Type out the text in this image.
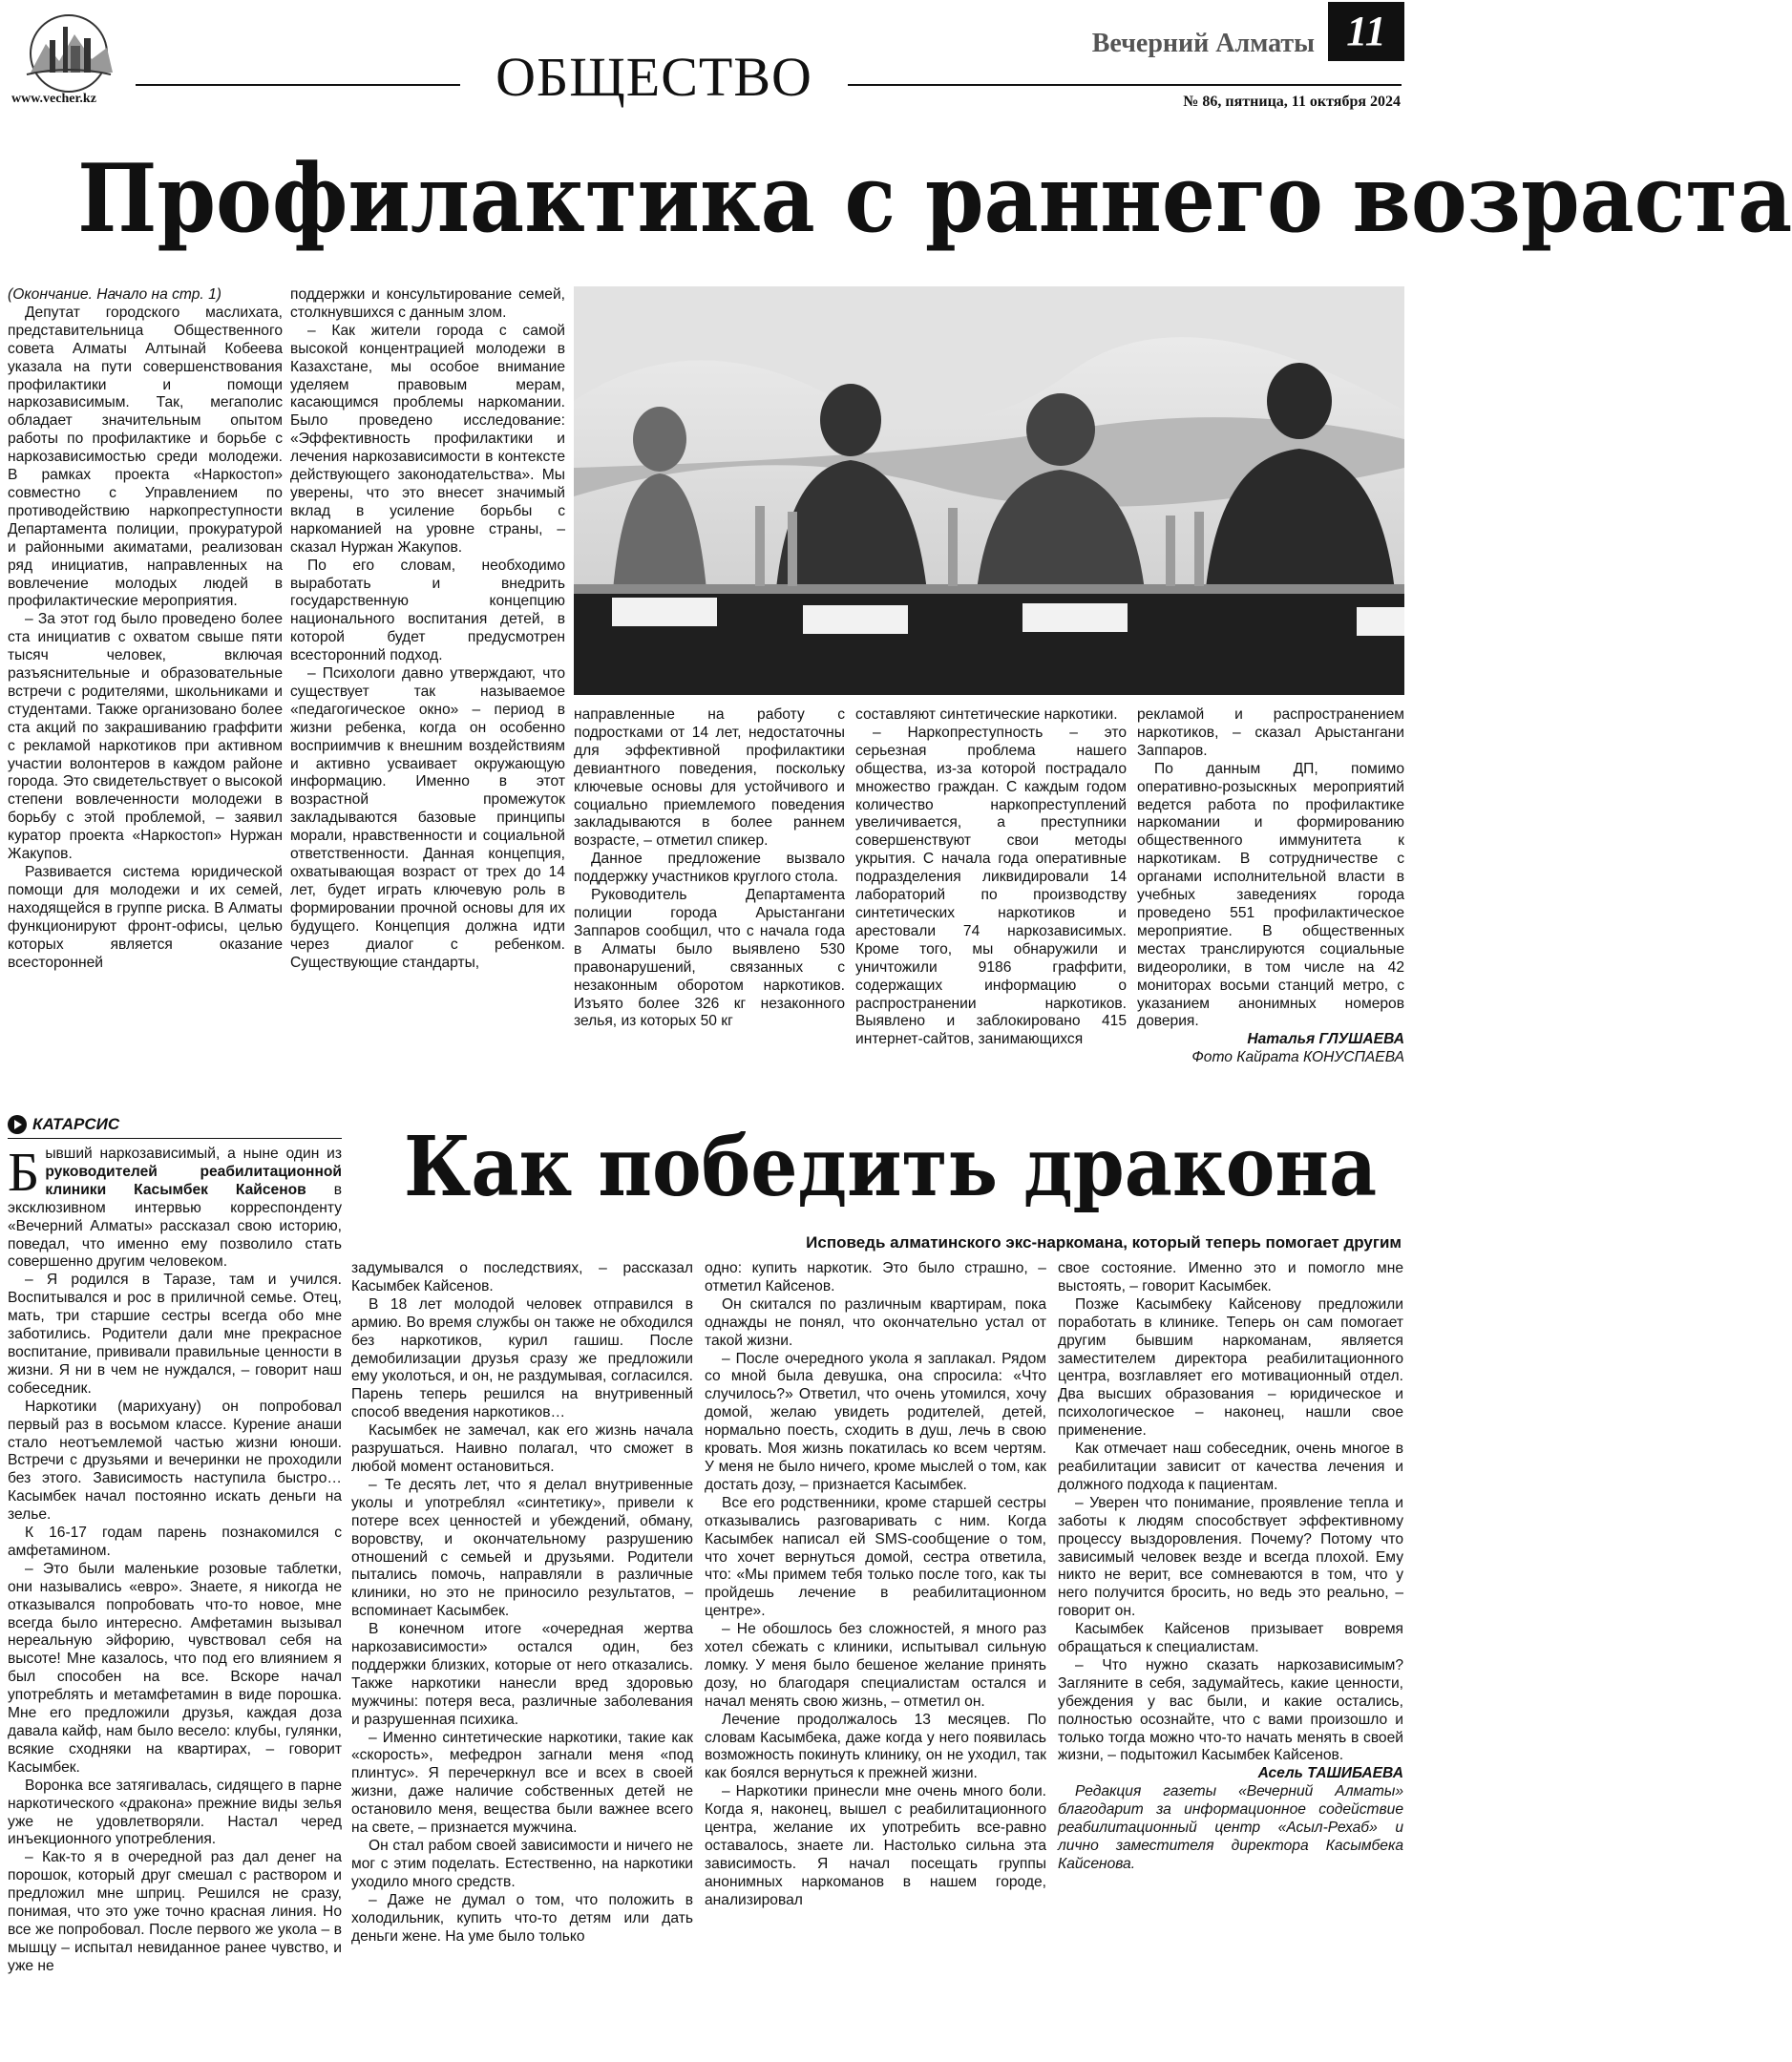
www.vecher.kz	ОБЩЕСТВО
Вечерний Алматы 11
№ 86, пятница, 11 октября 2024
Профилактика с раннего возраста

(Окончание. Начало на стр. 1)

Депутат городского маслихата, представительница Общественного совета Алматы Алтынай Кобеева указала на пути совершенствования профилактики и помощи наркозависимым. Так, мегаполис обладает значительным опытом работы по профилактике и борьбе с наркозависимостью среди молодежи. В рамках проекта «Наркостоп» совместно с Управлением по противодействию наркопреступности Департамента полиции, прокуратурой и районными акиматами, реализован ряд инициатив, направленных на вовлечение молодых людей в профилактические мероприятия.

– За этот год было проведено более ста инициатив с охватом свыше пяти тысяч человек, включая разъяснительные и образовательные встречи с родителями, школьниками и студентами. Также организовано более ста акций по закрашиванию граффити с рекламой наркотиков при активном участии волонтеров в каждом районе города. Это свидетельствует о высокой степени вовлеченности молодежи в борьбу с этой проблемой, – заявил куратор проекта «Наркостоп» Нуржан Жакупов.

Развивается система юридической помощи для молодежи и их семей, находящейся в группе риска. В Алматы функционируют фронт-офисы, целью которых является оказание всесторонней

поддержки и консультирование семей, столкнувшихся с данным злом.

– Как жители города с самой высокой концентрацией молодежи в Казахстане, мы особое внимание уделяем правовым мерам, касающимся проблемы наркомании. Было проведено исследование: «Эффективность профилактики и лечения наркозависимости в контексте действующего законодательства». Мы уверены, что это внесет значимый вклад в усиление борьбы с наркоманией на уровне страны, – сказал Нуржан Жакупов.

По его словам, необходимо выработать и внедрить государственную концепцию национального воспитания детей, в которой будет предусмотрен всесторонний подход.

– Психологи давно утверждают, что существует так называемое «педагогическое окно» – период в жизни ребенка, когда он особенно восприимчив к внешним воздействиям и активно усваивает окружающую информацию. Именно в этот возрастной промежуток закладываются базовые принципы морали, нравственности и социальной ответственности. Данная концепция, охватывающая возраст от трех до 14 лет, будет играть ключевую роль в формировании прочной основы для их будущего. Концепция должна идти через диалог с ребенком. Существующие стандарты,

направленные на работу с подростками от 14 лет, недостаточны для эффективной профилактики девиантного поведения, поскольку ключевые основы для устойчивого и социально приемлемого поведения закладываются в более раннем возрасте, – отметил спикер.

Данное предложение вызвало поддержку участников круглого стола.

Руководитель Департамента полиции города Арыстангани Заппаров сообщил, что с начала года в Алматы было выявлено 530 правонарушений, связанных с незаконным оборотом наркотиков. Изъято более 326 кг незаконного зелья, из которых 50 кг

составляют синтетические наркотики.

– Наркопреступность – это серьезная проблема нашего общества, из-за которой пострадало множество граждан. С каждым годом количество наркопреступлений увеличивается, а преступники совершенствуют свои методы укрытия. С начала года оперативные подразделения ликвидировали 14 лабораторий по производству синтетических наркотиков и арестовали 74 наркозависимых. Кроме того, мы обнаружили и уничтожили 9186 граффити, содержащих информацию о распространении наркотиков. Выявлено и заблокировано 415 интернет-сайтов, занимающихся

рекламой и распространением наркотиков, – сказал Арыстангани Заппаров.

По данным ДП, помимо оперативно-розыскных мероприятий ведется работа по профилактике наркомании и формированию общественного иммунитета к наркотикам. В сотрудничестве с органами исполнительной власти в учебных заведениях города проведено 551 профилактическое мероприятие. В общественных местах транслируются социальные видеоролики, в том числе на 42 мониторах восьми станций метро, с указанием анонимных номеров доверия.

Наталья ГЛУШАЕВА

Фото Кайрата КОНУСПАЕВА

КАТАРСИС	Как победить дракона
Исповедь алматинского экс-наркомана, который теперь помогает другим

Бывший наркозависимый, а ныне один из руководителей реабилитационной клиники Касымбек Кайсенов в эксклюзивном интервью корреспонденту «Вечерний Алматы» рассказал свою историю, поведал, что именно ему позволило стать совершенно другим человеком.

– Я родился в Таразе, там и учился. Воспитывался и рос в приличной семье. Отец, мать, три старшие сестры всегда обо мне заботились. Родители дали мне прекрасное воспитание, прививали правильные ценности в жизни. Я ни в чем не нуждался, – говорит наш собеседник.

Наркотики (марихуану) он попробовал первый раз в восьмом классе. Курение анаши стало неотъемлемой частью жизни юноши. Встречи с друзьями и вечеринки не проходили без этого. Зависимость наступила быстро… Касымбек начал постоянно искать деньги на зелье.

К 16-17 годам парень познакомился с амфетамином.

– Это были маленькие розовые таблетки, они назывались «евро». Знаете, я никогда не отказывался попробовать что-то новое, мне всегда было интересно. Амфетамин вызывал нереальную эйфорию, чувствовал себя на высоте! Мне казалось, что под его влиянием я был способен на все. Вскоре начал употреблять и метамфетамин в виде порошка. Мне его предложили друзья, каждая доза давала кайф, нам было весело: клубы, гулянки, всякие сходняки на квартирах, – говорит Касымбек.

Воронка все затягивалась, сидящего в парне наркотического «дракона» прежние виды зелья уже не удовлетворяли. Настал черед инъекционного употребления.

– Как-то я в очередной раз дал денег на порошок, который друг смешал с раствором и предложил мне шприц. Решился не сразу, понимая, что это уже точно красная линия. Но все же попробовал. После первого же укола – в мышцу – испытал невиданное ранее чувство, и уже не

задумывался о последствиях, – рассказал Касымбек Кайсенов.

В 18 лет молодой человек отправился в армию. Во время службы он также не обходился без наркотиков, курил гашиш. После демобилизации друзья сразу же предложили ему уколоться, и он, не раздумывая, согласился. Парень теперь решился на внутривенный способ введения наркотиков…

Касымбек не замечал, как его жизнь начала разрушаться. Наивно полагал, что сможет в любой момент остановиться.

– Те десять лет, что я делал внутривенные уколы и употреблял «синтетику», привели к потере всех ценностей и убеждений, обману, воровству, и окончательному разрушению отношений с семьей и друзьями. Родители пытались помочь, направляли в различные клиники, но это не приносило результатов, – вспоминает Касымбек.

В конечном итоге «очередная жертва наркозависимости» остался один, без поддержки близких, которые от него отказались. Также наркотики нанесли вред здоровью мужчины: потеря веса, различные заболевания и разрушенная психика.

– Именно синтетические наркотики, такие как «скорость», мефедрон загнали меня «под плинтус». Я перечеркнул все и всех в своей жизни, даже наличие собственных детей не остановило меня, вещества были важнее всего на свете, – признается мужчина.

Он стал рабом своей зависимости и ничего не мог с этим поделать. Естественно, на наркотики уходило много средств.

– Даже не думал о том, что положить в холодильник, купить что-то детям или дать деньги жене. На уме было только

одно: купить наркотик. Это было страшно, – отметил Кайсенов.

Он скитался по различным квартирам, пока однажды не понял, что окончательно устал от такой жизни.

– После очередного укола я заплакал. Рядом со мной была девушка, она спросила: «Что случилось?» Ответил, что очень утомился, хочу домой, желаю увидеть родителей, детей, нормально поесть, сходить в душ, лечь в свою кровать. Моя жизнь покатилась ко всем чертям. У меня не было ничего, кроме мыслей о том, как достать дозу, – признается Касымбек.

Все его родственники, кроме старшей сестры отказывались разговаривать с ним. Когда Касымбек написал ей SMS-сообщение о том, что хочет вернуться домой, сестра ответила, что: «Мы примем тебя только после того, как ты пройдешь лечение в реабилитационном центре».

– Не обошлось без сложностей, я много раз хотел сбежать с клиники, испытывал сильную ломку. У меня было бешеное желание принять дозу, но благодаря специалистам остался и начал менять свою жизнь, – отметил он.

Лечение продолжалось 13 месяцев. По словам Касымбека, даже когда у него появилась возможность покинуть клинику, он не уходил, так как боялся вернуться к прежней жизни.

– Наркотики принесли мне очень много боли. Когда я, наконец, вышел с реабилитационного центра, желание их употребить все-равно оставалось, знаете ли. Настолько сильна эта зависимость. Я начал посещать группы анонимных наркоманов в нашем городе, анализировал

свое состояние. Именно это и помогло мне выстоять, – говорит Касымбек.

Позже Касымбеку Кайсенову предложили поработать в клинике. Теперь он сам помогает другим бывшим наркоманам, является заместителем директора реабилитационного центра, возглавляет его мотивационный отдел. Два высших образования – юридическое и психологическое – наконец, нашли свое применение.

Как отмечает наш собеседник, очень многое в реабилитации зависит от качества лечения и должного подхода к пациентам.

– Уверен что понимание, проявление тепла и заботы к людям способствует эффективному процессу выздоровления. Почему? Потому что зависимый человек везде и всегда плохой. Ему никто не верит, все сомневаются в том, что у него получится бросить, но ведь это реально, – говорит он.

Касымбек Кайсенов призывает вовремя обращаться к специалистам.

– Что нужно сказать наркозависимым? Загляните в себя, задумайтесь, какие ценности, убеждения у вас были, и какие остались, полностью осознайте, что с вами произошло и только тогда можно что-то начать менять в своей жизни, – подытожил Касымбек Кайсенов.

Асель ТАШИБАЕВА

Редакция газеты «Вечерний Алматы» благодарит за информационное содействие реабилитационный центр «Асыл-Рехаб» и лично заместителя директора Касымбека Кайсенова.
